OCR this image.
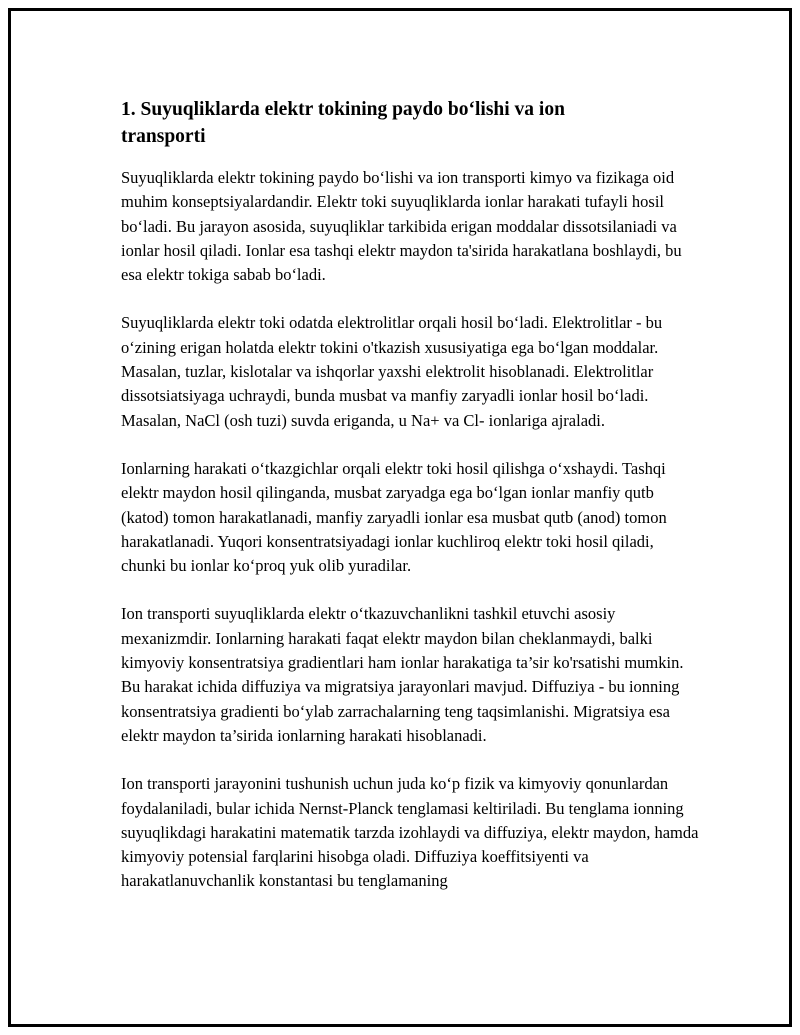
1. Suyuqliklarda elektr tokining paydo boʻlishi va ion transporti

Suyuqliklarda elektr tokining paydo bo‘lishi va ion transporti kimyo va fizikaga oid muhim konseptsiyalardandir. Elektr toki suyuqliklarda ionlar harakati tufayli hosil bo‘ladi. Bu jarayon asosida, suyuqliklar tarkibida erigan moddalar dissotsilaniadi va ionlar hosil qiladi. Ionlar esa tashqi elektr maydon ta'sirida harakatlana boshlaydi, bu esa elektr tokiga sabab bo‘ladi.

Suyuqliklarda elektr toki odatda elektrolitlar orqali hosil bo‘ladi. Elektrolitlar - bu o‘zining erigan holatda elektr tokini o'tkazish xususiyatiga ega bo‘lgan moddalar. Masalan, tuzlar, kislotalar va ishqorlar yaxshi elektrolit hisoblanadi. Elektrolitlar dissotsiatsiyaga uchraydi, bunda musbat va manfiy zaryadli ionlar hosil bo‘ladi. Masalan, NaCl (osh tuzi) suvda eriganda, u Na+ va Cl- ionlariga ajraladi.

Ionlarning harakati o‘tkazgichlar orqali elektr toki hosil qilishga o‘xshaydi. Tashqi elektr maydon hosil qilinganda, musbat zaryadga ega bo‘lgan ionlar manfiy qutb (katod) tomon harakatlanadi, manfiy zaryadli ionlar esa musbat qutb (anod) tomon harakatlanadi. Yuqori konsentratsiyadagi ionlar kuchliroq elektr toki hosil qiladi, chunki bu ionlar ko‘proq yuk olib yuradilar.

Ion transporti suyuqliklarda elektr o‘tkazuvchanlikni tashkil etuvchi asosiy mexanizmdir. Ionlarning harakati faqat elektr maydon bilan cheklanmaydi, balki kimyoviy konsentratsiya gradientlari ham ionlar harakatiga ta’sir ko'rsatishi mumkin. Bu harakat ichida diffuziya va migratsiya jarayonlari mavjud. Diffuziya - bu ionning konsentratsiya gradienti bo‘ylab zarrachalarning teng taqsimlanishi. Migratsiya esa elektr maydon ta’sirida ionlarning harakati hisoblanadi.

Ion transporti jarayonini tushunish uchun juda ko‘p fizik va kimyoviy qonunlardan foydalaniladi, bular ichida Nernst-Planck tenglamasi keltiriladi. Bu tenglama ionning suyuqlikdagi harakatini matematik tarzda izohlaydi va diffuziya, elektr maydon, hamda kimyoviy potensial farqlarini hisobga oladi. Diffuziya koeffitsiyenti va harakatlanuvchanlik konstantasi bu tenglamaning
